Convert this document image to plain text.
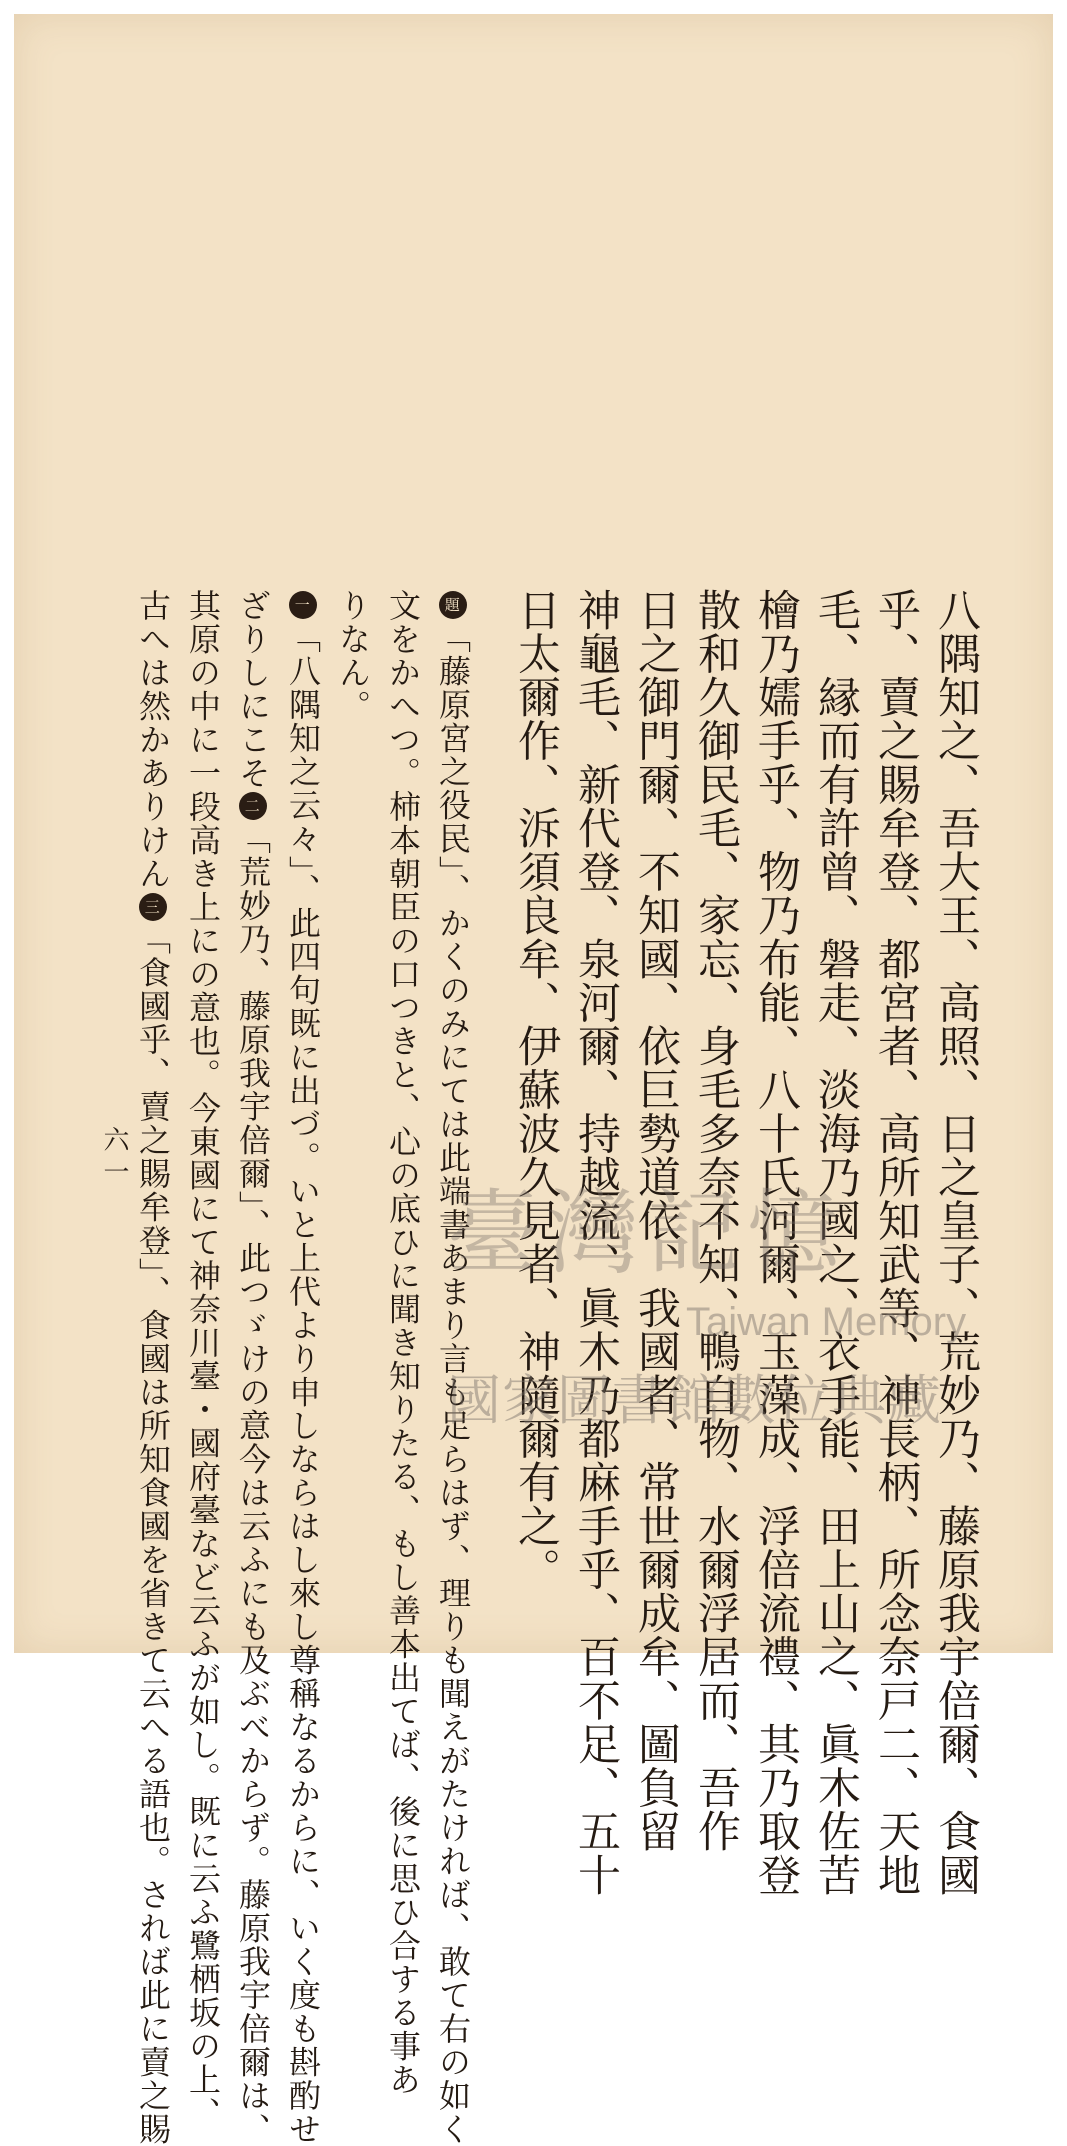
八隅知之、吾大王、高照、日之皇子、荒妙乃、藤原我宇倍爾、食國
乎、賣之賜牟登、都宮者、高所知武等、神長柄、所念奈戸二、天地
毛、縁而有許曾、磐走、淡海乃國之、衣手能、田上山之、眞木佐苦
檜乃嬬手乎、物乃布能、八十氏河爾、玉藻成、浮倍流禮、其乃取登
散和久御民毛、家忘、身毛多奈不知、鴨自物、水爾浮居而、吾作
日之御門爾、不知國、依巨勢道依、我國者、常世爾成牟、圖負留
神龜毛、新代登、泉河爾、持越流、眞木乃都麻手乎、百不足、五十
日太爾作、泝須良牟、伊蘇波久見者、神隨爾有之。
題「藤原宮之役民」、かくのみにては此端書あまり言も足らはず、理りも聞えがたければ、敢て右の如く
文をかへつ。柿本朝臣の口つきと、心の底ひに聞き知りたる、もし善本出てば、後に思ひ合する事あ
りなん。
一「八隅知之云々」、此四句既に出づ。いと上代より申しならはし來し尊稱なるからに、いく度も斟酌せ
ざりしにこそ二「荒妙乃、藤原我宇倍爾」、此つゞけの意今は云ふにも及ぶべからず。藤原我宇倍爾は、
其原の中に一段高き上にの意也。今東國にて神奈川臺・國府臺など云ふが如し。既に云ふ鷺栖坂の上、
古へは然かありけん三「食國乎、賣之賜牟登」、食國は所知食國を省きて云へる語也。されば此に賣之賜
六一
臺灣記憶
Taiwan Memory
國家圖書館數位典藏
